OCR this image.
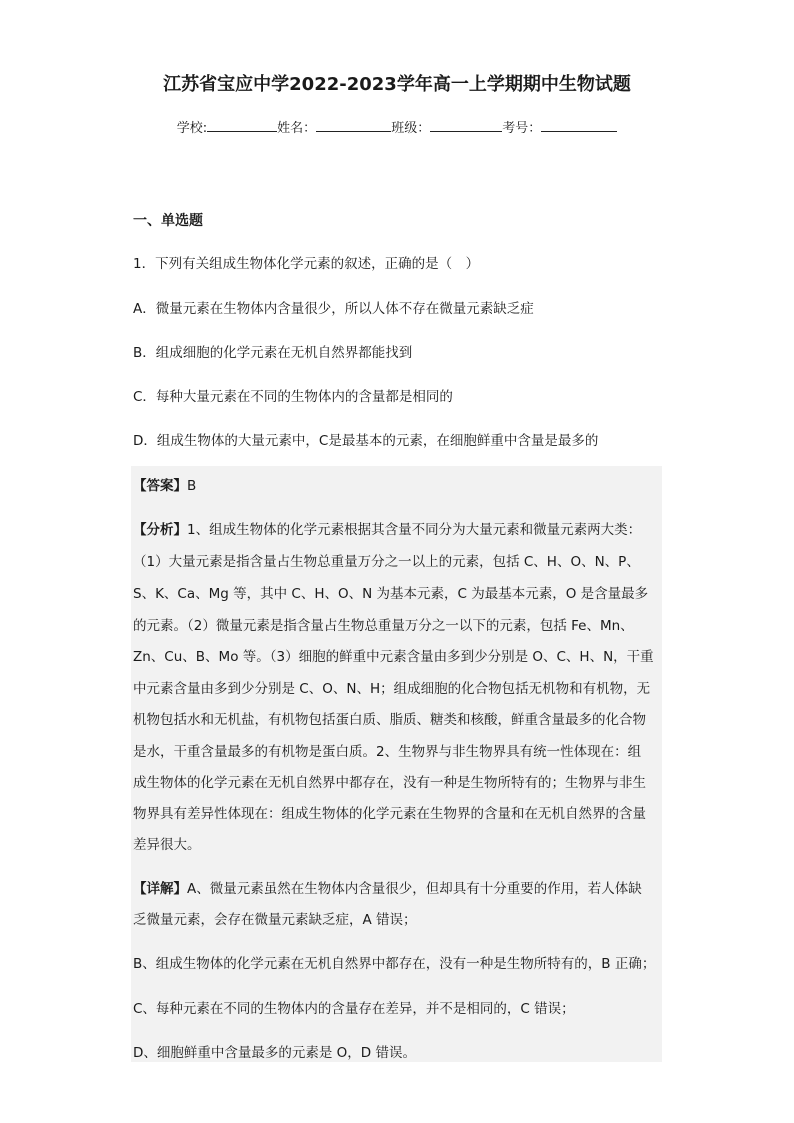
江苏省宝应中学2022-2023学年高一上学期期中生物试题
学校:	姓名：	班级：	考号：
一、单选题
1．下列有关组成生物体化学元素的叙述，正确的是（　）
A．微量元素在生物体内含量很少，所以人体不存在微量元素缺乏症
B．组成细胞的化学元素在无机自然界都能找到
C．每种大量元素在不同的生物体内的含量都是相同的
D．组成生物体的大量元素中，C是最基本的元素，在细胞鲜重中含量是最多的
【答案】B
【分析】1、组成生物体的化学元素根据其含量不同分为大量元素和微量元素两大类：
（1）大量元素是指含量占生物总重量万分之一以上的元素，包括 C、H、O、N、P、
S、K、Ca、Mg 等，其中 C、H、O、N 为基本元素，C 为最基本元素，O 是含量最多
的元素。（2）微量元素是指含量占生物总重量万分之一以下的元素，包括 Fe、Mn、
Zn、Cu、B、Mo 等。（3）细胞的鲜重中元素含量由多到少分别是 O、C、H、N，干重
中元素含量由多到少分别是 C、O、N、H；组成细胞的化合物包括无机物和有机物，无
机物包括水和无机盐，有机物包括蛋白质、脂质、糖类和核酸，鲜重含量最多的化合物
是水，干重含量最多的有机物是蛋白质。2、生物界与非生物界具有统一性体现在：组
成生物体的化学元素在无机自然界中都存在，没有一种是生物所特有的；生物界与非生
物界具有差异性体现在：组成生物体的化学元素在生物界的含量和在无机自然界的含量
差异很大。
【详解】A、微量元素虽然在生物体内含量很少，但却具有十分重要的作用，若人体缺
乏微量元素，会存在微量元素缺乏症，A 错误；
B、组成生物体的化学元素在无机自然界中都存在，没有一种是生物所特有的，B 正确；
C、每种元素在不同的生物体内的含量存在差异，并不是相同的，C 错误；
D、细胞鲜重中含量最多的元素是 O，D 错误。
